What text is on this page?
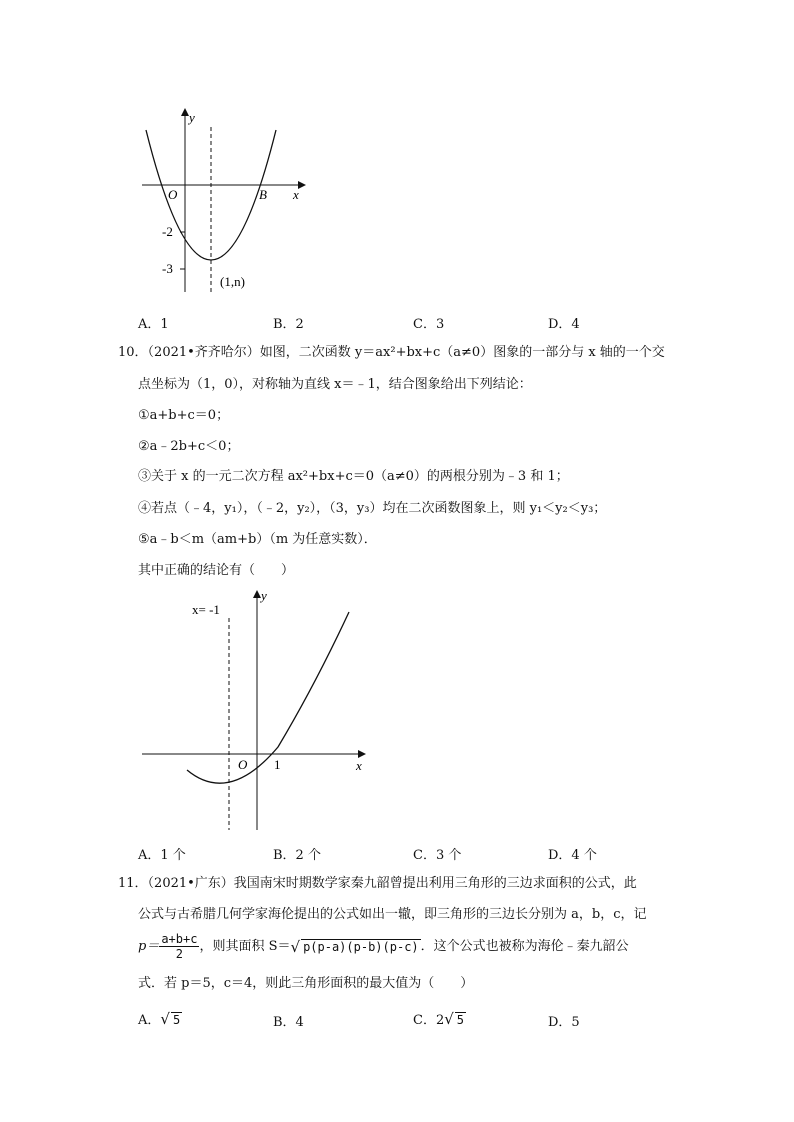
y
x
O	B
-2
-3
(1,n)
A．1	B．2	C．3	D．4
10．（2021•齐齐哈尔）如图，二次函数 y＝ax²+bx+c（a≠0）图象的一部分与 x 轴的一个交
点坐标为（1，0），对称轴为直线 x＝﹣1，结合图象给出下列结论：
①a+b+c＝0；
②a﹣2b+c＜0；
③关于 x 的一元二次方程 ax²+bx+c＝0（a≠0）的两根分别为﹣3 和 1；
④若点（﹣4，y₁），（﹣2，y₂），（3，y₃）均在二次函数图象上，则 y₁＜y₂＜y₃；
⑤a﹣b＜m（am+b）（m 为任意实数）．
其中正确的结论有（　　）
x= -1
y
x
O 1
A．1 个	B．2 个	C．3 个	D．4 个
11．（2021•广东）我国南宋时期数学家秦九韶曾提出利用三角形的三边求面积的公式，此
公式与古希腊几何学家海伦提出的公式如出一辙，即三角形的三边长分别为 a，b，c，记
$p= \frac{a+b+c}{2}$ ，则其面积 S＝ √ p(p-a)(p-b)(p-c) ．这个公式也被称为海伦﹣秦九韶公
式．若 p＝5，c＝4，则此三角形面积的最大值为（　　）
A．√ 5	B．4	C．2√ 5	D．5
